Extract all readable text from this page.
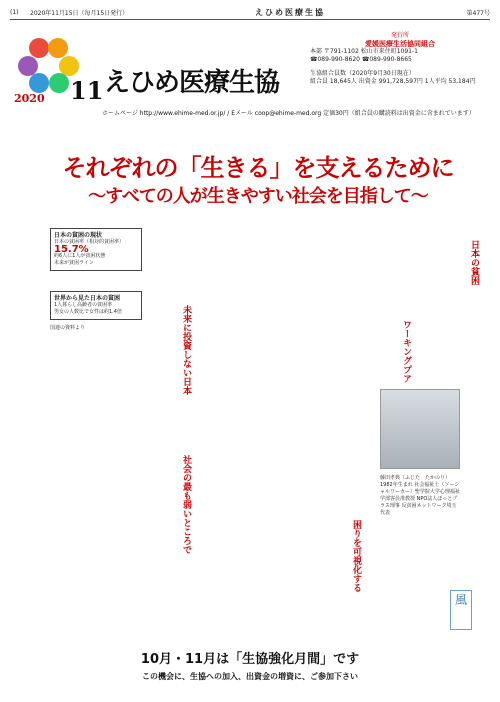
(1)	2020年11月15日（毎月15日発行）	えひめ医療生協	第477号
2020 11 えひめ医療生協
ホームページ http://www.ehime-med.or.jp/ / Eメール coop@ehime-med.org 定価30円（組合員の購読料は出資金に含まれています）
発行所
愛媛医療生活協同組合
本部 〒791-1102 松山市来住町1091-1
☎089-990-8620 ☎089-990-8665
生協組合員数（2020年9月30日現在）
組合員 18,645人 出資金 991,728,597円 1人平均 53,184円
それぞれの「生きる」を支えるために
～すべての人が生きやすい社会を目指して～
日本の貧困の現状
日本の貧困率（相対的貧困率）
15.7%
約6人に1人が貧困状態
未来が貧困ライン
世界から見た日本の貧困
1人暮らし高齢者の貧困率
男女の人数比で女性は約1.4倍
国連の資料より
日本の貧困
ワーキングプア
未来に投資しない日本
社会の最も弱いところで
困りを可視化する
藤田孝典（ふじた　たかのり）1982年生まれ 社会福祉士（ソーシャルワーカー）聖学院大学心理福祉学部客員准教授 NPO法人ほっとプラス理事 反貧困ネットワーク埼玉代表
風
10月・11月は「生協強化月間」です
この機会に、生協への加入、出資金の増資に、ご参加下さい
